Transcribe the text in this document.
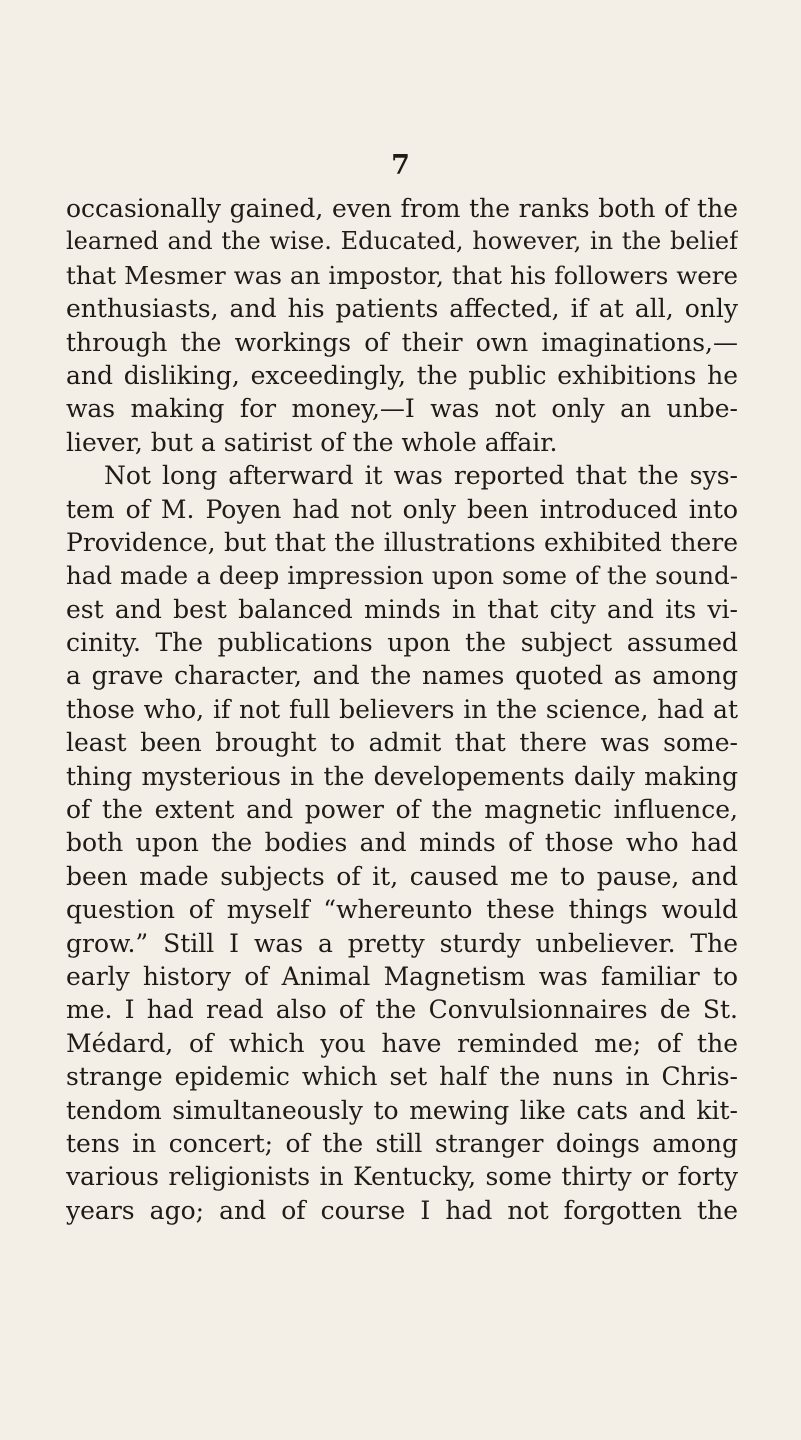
7
occasionally gained, even from the ranks both of the
learned and the wise. Educated, however, in the belief
that Mesmer was an impostor, that his followers were
enthusiasts, and his patients affected, if at all, only
through the workings of their own imaginations,—
and disliking, exceedingly, the public exhibitions he
was making for money,—I was not only an unbe-
liever, but a satirist of the whole affair.
Not long afterward it was reported that the sys-
tem of M. Poyen had not only been introduced into
Providence, but that the illustrations exhibited there
had made a deep impression upon some of the sound-
est and best balanced minds in that city and its vi-
cinity. The publications upon the subject assumed
a grave character, and the names quoted as among
those who, if not full believers in the science, had at
least been brought to admit that there was some-
thing mysterious in the developements daily making
of the extent and power of the magnetic influence,
both upon the bodies and minds of those who had
been made subjects of it, caused me to pause, and
question of myself “whereunto these things would
grow.” Still I was a pretty sturdy unbeliever. The
early history of Animal Magnetism was familiar to
me. I had read also of the Convulsionnaires de St.
Médard, of which you have reminded me; of the
strange epidemic which set half the nuns in Chris-
tendom simultaneously to mewing like cats and kit-
tens in concert; of the still stranger doings among
various religionists in Kentucky, some thirty or forty
years ago; and of course I had not forgotten the
